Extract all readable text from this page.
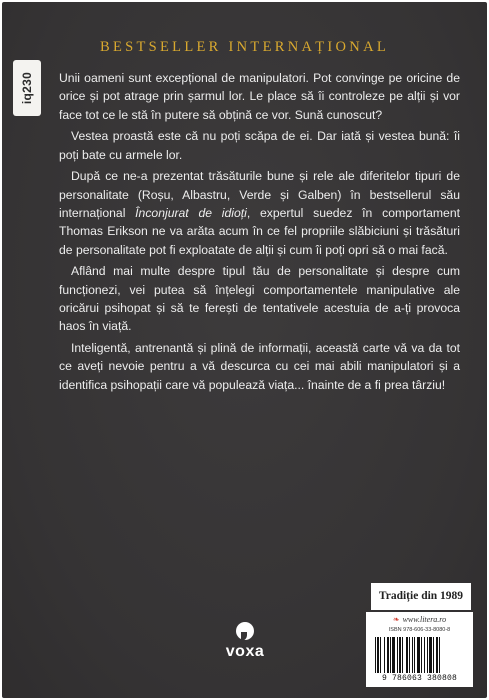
BESTSELLER INTERNAȚIONAL
iq230 Unii oameni sunt excepțional de manipulatori. Pot convinge pe oricine de orice și pot atrage prin șarmul lor. Le place să îi controleze pe alții și vor face tot ce le stă în putere să obțină ce vor. Sună cunoscut?

Vestea proastă este că nu poți scăpa de ei. Dar iată și vestea bună: îi poți bate cu armele lor.

După ce ne-a prezentat trăsăturile bune și rele ale diferitelor tipuri de personalitate (Roșu, Albastru, Verde și Galben) în bestsellerul său internațional Înconjurat de idioți, expertul suedez în comportament Thomas Erikson ne va arăta acum în ce fel propriile slăbiciuni și trăsături de personalitate pot fi exploatate de alții și cum îi poți opri să o mai facă.

Aflând mai multe despre tipul tău de personalitate și despre cum funcționezi, vei putea să înțelegi comportamentele manipulative ale oricărui psihopat și să te ferești de tentativele acestuia de a-ți provoca haos în viață.

Inteligentă, antrenantă și plină de informații, această carte vă va da tot ce aveți nevoie pentru a vă descurca cu cei mai abili manipulatori și a identifica psihopații care vă populează viața... înainte de a fi prea târziu!

voxa
Tradiție din 1989
❧ www.litera.ro
ISBN 978-606-33-8080-8
9 786063 380808
